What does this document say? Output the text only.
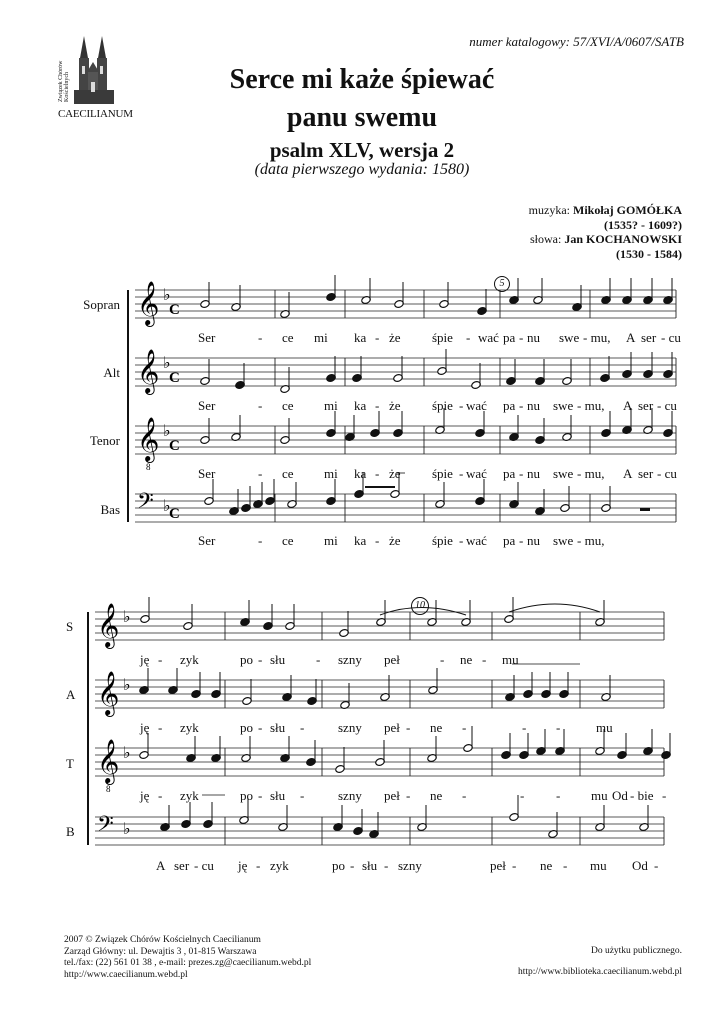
Związek Chórów Kościelnych
CAECILIANUM
numer katalogowy: 57/XVI/A/0607/SATB
Serce mi każe śpiewać
panu swemu
psalm XLV, wersja 2
(data pierwszego wydania: 1580)
muzyka: Mikołaj GOMÓŁKA
(1535? - 1609?)
słowa: Jan KOCHANOWSKI
(1530 - 1584)
Sopran
Alt
Tenor
Bas
S
A
T
B
𝄞 ♭
𝄞 ♭
𝄞
8
♭
𝄢 ♭
C
C
C
C
𝄞 ♭
𝄞 ♭
𝄞
8
♭
𝄢 ♭
Ser	- ce mi ka - że śpie - wać pa - nu swe - mu, A ser - cu
Ser	- ce mi ka - że śpie - wać pa - nu swe - mu, A ser - cu
Ser	- ce mi ka - że śpie - wać pa - nu swe - mu, A ser - cu
Ser	- ce mi ka - że śpie - wać pa - nu swe - mu,
ję - zyk	po - słu - szny peł	- ne - mu
ję - zyk	po - słu -	szny peł - ne -	- -	mu
ję - zyk	po - słu -	szny peł - ne -	- - mu Od - bie -
A ser - cu ję - zyk	po - słu - szny	peł - ne - mu Od -
5
10
2007 © Związek Chórów Kościelnych Caecilianum
Zarząd Główny: ul. Dewajtis 3 , 01-815 Warszawa
tel./fax: (22) 561 01 38 , e-mail: prezes.zg@caecilianum.webd.pl
http://www.caecilianum.webd.pl
Do użytku publicznego.
http://www.biblioteka.caecilianum.webd.pl
